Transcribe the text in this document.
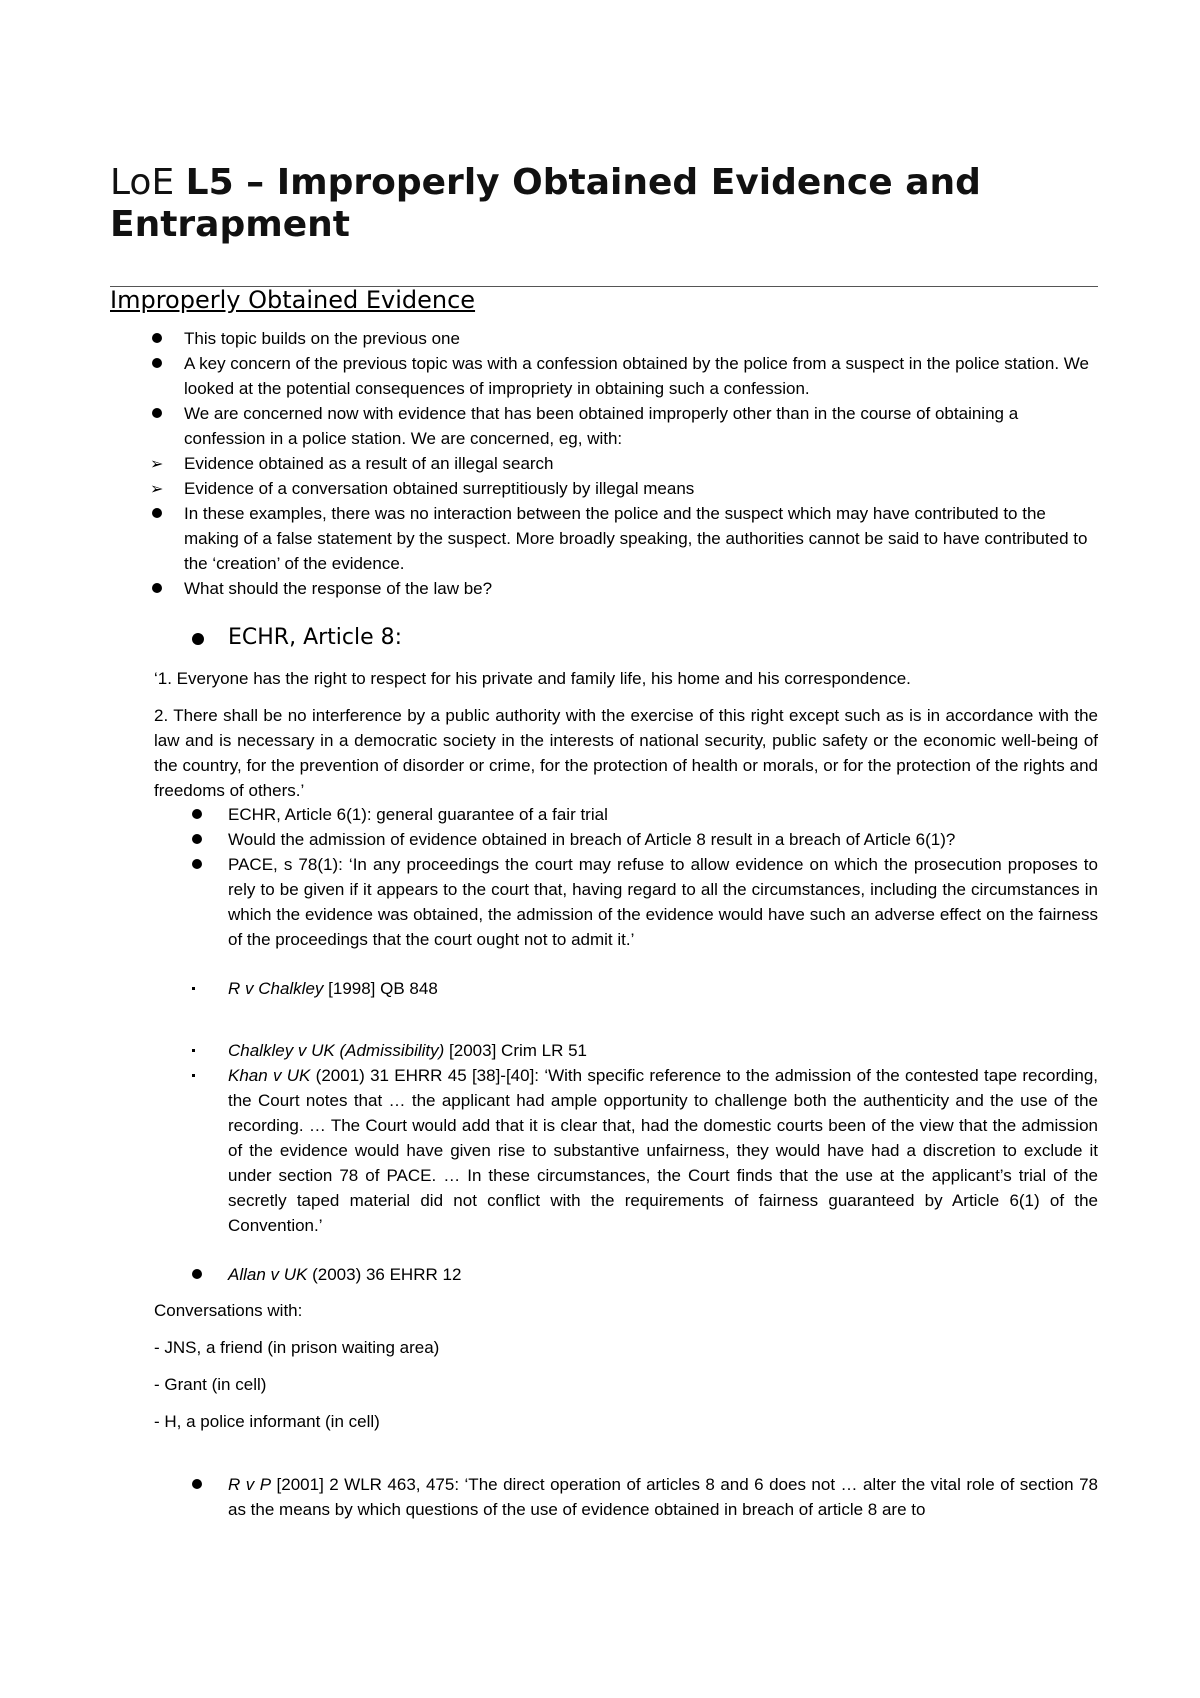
LoE L5 – Improperly Obtained Evidence and Entrapment
Improperly Obtained Evidence
This topic builds on the previous one
A key concern of the previous topic was with a confession obtained by the police from a suspect in the police station. We looked at the potential consequences of impropriety in obtaining such a confession.
We are concerned now with evidence that has been obtained improperly other than in the course of obtaining a confession in a police station. We are concerned, eg, with:
➢ Evidence obtained as a result of an illegal search
➢ Evidence of a conversation obtained surreptitiously by illegal means
In these examples, there was no interaction between the police and the suspect which may have contributed to the making of a false statement by the suspect. More broadly speaking, the authorities cannot be said to have contributed to the ‘creation’ of the evidence.
What should the response of the law be?
ECHR, Article 8:
‘1. Everyone has the right to respect for his private and family life, his home and his correspondence.
2. There shall be no interference by a public authority with the exercise of this right except such as is in accordance with the law and is necessary in a democratic society in the interests of national security, public safety or the economic well-being of the country, for the prevention of disorder or crime, for the protection of health or morals, or for the protection of the rights and freedoms of others.’
ECHR, Article 6(1): general guarantee of a fair trial
Would the admission of evidence obtained in breach of Article 8 result in a breach of Article 6(1)?
PACE, s 78(1): ‘In any proceedings the court may refuse to allow evidence on which the prosecution proposes to rely to be given if it appears to the court that, having regard to all the circumstances, including the circumstances in which the evidence was obtained, the admission of the evidence would have such an adverse effect on the fairness of the proceedings that the court ought not to admit it.’
R v Chalkley [1998] QB 848
Chalkley v UK (Admissibility) [2003] Crim LR 51
Khan v UK (2001) 31 EHRR 45 [38]-[40]: ‘With specific reference to the admission of the contested tape recording, the Court notes that … the applicant had ample opportunity to challenge both the authenticity and the use of the recording. … The Court would add that it is clear that, had the domestic courts been of the view that the admission of the evidence would have given rise to substantive unfairness, they would have had a discretion to exclude it under section 78 of PACE. … In these circumstances, the Court finds that the use at the applicant’s trial of the secretly taped material did not conflict with the requirements of fairness guaranteed by Article 6(1) of the Convention.’
Allan v UK (2003) 36 EHRR 12
Conversations with:
- JNS, a friend (in prison waiting area)
- Grant (in cell)
- H, a police informant (in cell)
R v P [2001] 2 WLR 463, 475: ‘The direct operation of articles 8 and 6 does not … alter the vital role of section 78 as the means by which questions of the use of evidence obtained in breach of article 8 are to
